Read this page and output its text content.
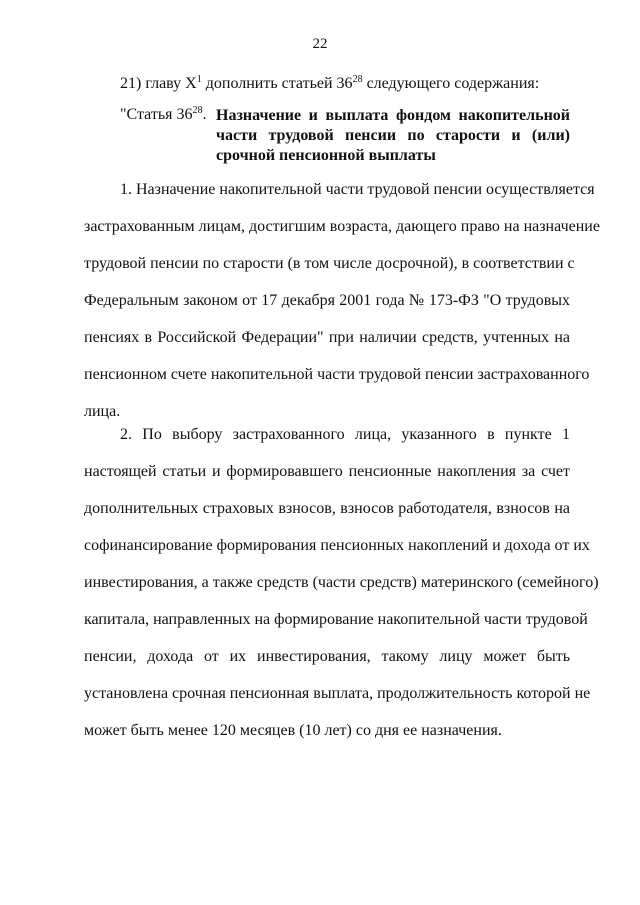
22
21) главу $X^1$ дополнить статьей $36^{28}$ следующего содержания:
"Статья $36^{28}$. Назначение и выплата фондом накопительной
части трудовой пенсии по старости и (или)
срочной пенсионной выплаты
1. Назначение накопительной части трудовой пенсии осуществляется
застрахованным лицам, достигшим возраста, дающего право на назначение
трудовой пенсии по старости (в том числе досрочной), в соответствии с
Федеральным законом от 17 декабря 2001 года № 173-ФЗ "О трудовых
пенсиях в Российской Федерации" при наличии средств, учтенных на
пенсионном счете накопительной части трудовой пенсии застрахованного
лица.
2. По выбору застрахованного лица, указанного в пункте 1
настоящей статьи и формировавшего пенсионные накопления за счет
дополнительных страховых взносов, взносов работодателя, взносов на
софинансирование формирования пенсионных накоплений и дохода от их
инвестирования, а также средств (части средств) материнского (семейного)
капитала, направленных на формирование накопительной части трудовой
пенсии, дохода от их инвестирования, такому лицу может быть
установлена срочная пенсионная выплата, продолжительность которой не
может быть менее 120 месяцев (10 лет) со дня ее назначения.
